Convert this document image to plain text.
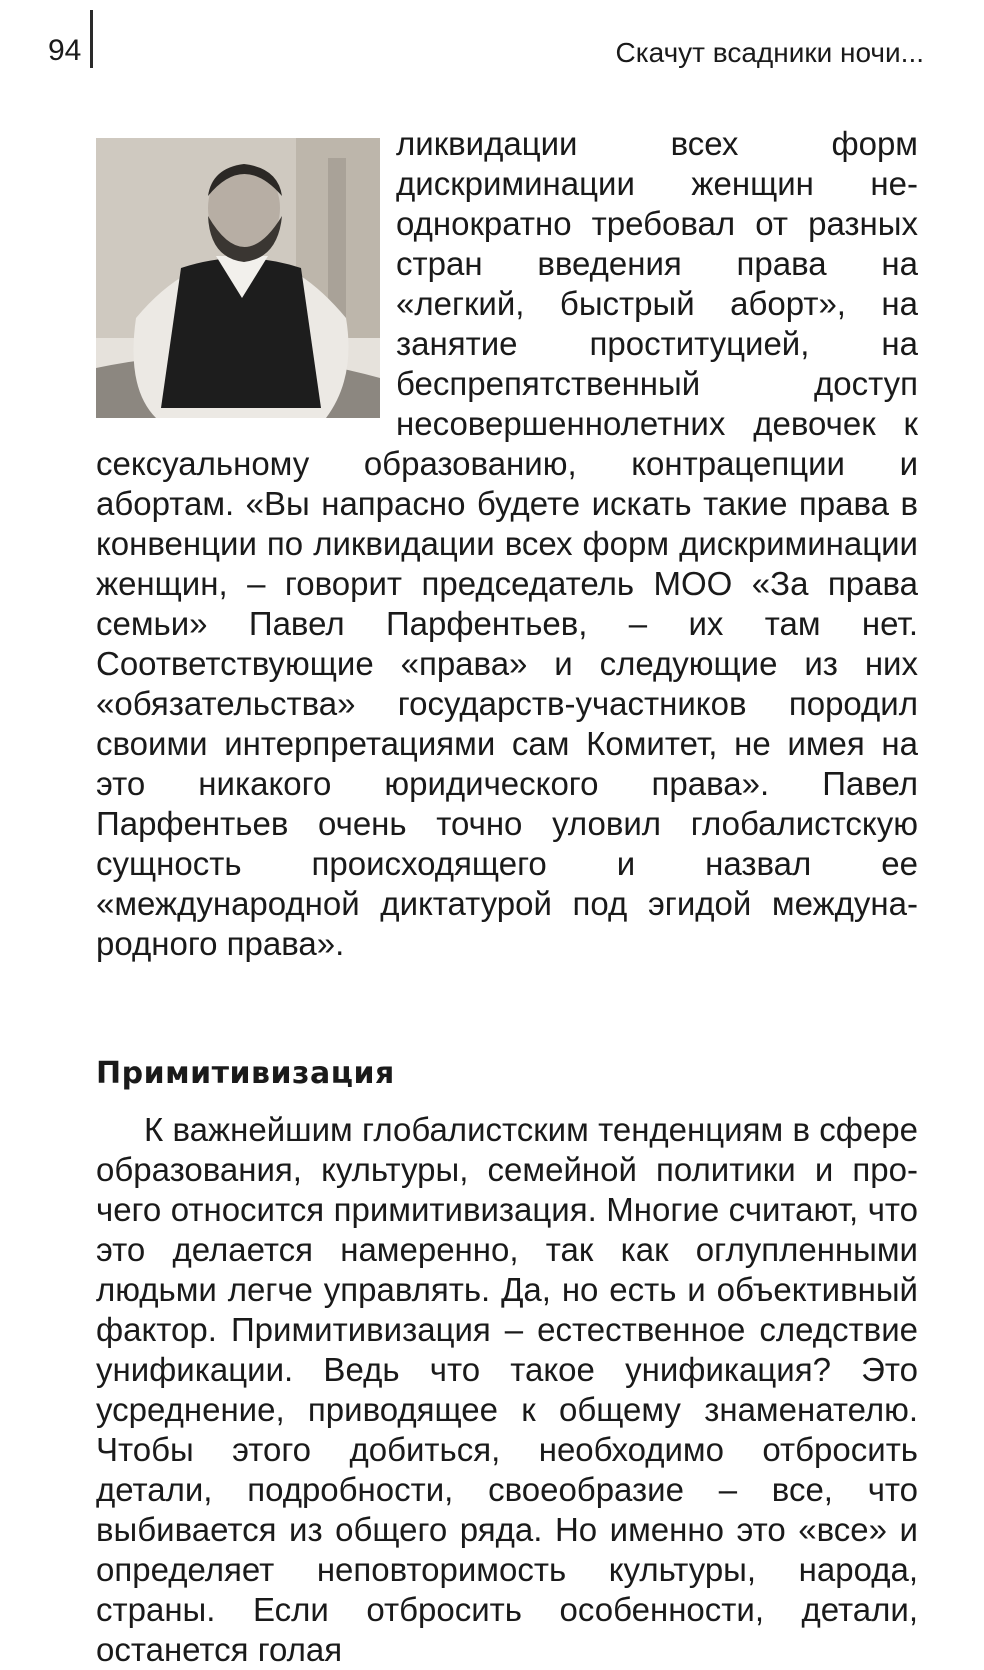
94	Скачут всадники ночи...

ликвидации всех форм дискриминации женщин неоднократно требовал от разных стран введения права на «легкий, быстрый аборт», на занятие проституцией, на беспрепятственный доступ несовершеннолетних девочек к сексуальному образованию, контрацепции и абортам. «Вы напрасно будете искать такие права в конвенции по ликвидации всех форм дискриминации женщин, – говорит председатель МОО «За права семьи» Павел Парфентьев, – их там нет. Соответствующие «права» и следующие из них «обязательства» государств-участников породил своими интерпретациями сам Комитет, не имея на это никакого юридического права». Павел Парфентьев очень точно уловил глобалистскую сущность происходящего и назвал ее «международной диктатурой под эгидой международного права».

Примитивизация

К важнейшим глобалистским тенденциям в сфере образования, культуры, семейной политики и прочего относится примитивизация. Многие считают, что это делается намеренно, так как оглупленными людьми легче управлять. Да, но есть и объективный фактор. Примитивизация – естественное следствие унификации. Ведь что такое унификация? Это усреднение, приводящее к общему знаменателю. Чтобы этого добиться, необходимо отбросить детали, подробности, своеобразие – все, что выбивается из общего ряда. Но именно это «все» и определяет неповторимость культуры, народа, страны. Если отбросить особенности, детали, останется голая
